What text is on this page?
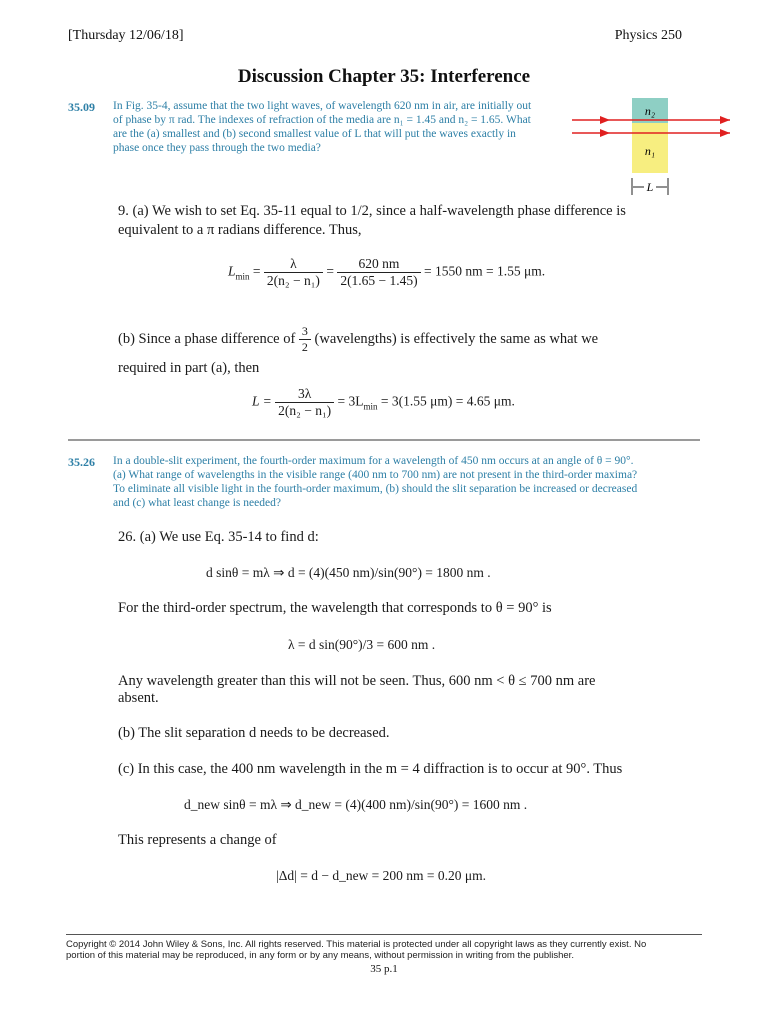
[Thursday 12/06/18]	Physics 250
Discussion Chapter 35: Interference
35.09 In Fig. 35-4, assume that the two light waves, of wavelength 620 nm in air, are initially out
of phase by π rad. The indexes of refraction of the media are n₁ = 1.45 and n₂ = 1.65. What
are the (a) smallest and (b) second smallest value of L that will put the waves exactly in
phase once they pass through the two media?
n₂
n₁
L
9. (a) We wish to set Eq. 35-11 equal to 1/2, since a half-wavelength phase difference is
equivalent to a π radians difference. Thus,
$L_{min} = \frac{\lambda}{\text{2(n₂ − n₁)}} = \frac{620 nm}{2(1.65 - 1.45)} = 1550$ nm = 1.55 μm.
(b) Since a phase difference of $\frac{3}{2}$ (wavelengths) is effectively the same as what we
required in part (a), then
$L = \frac{3\lambda}{\text{2(n₂ − n₁)}} = 3L_{min} = 3(1.55$ μm) = 4.65 μm.
35.26 In a double-slit experiment, the fourth-order maximum for a wavelength of 450 nm occurs at an angle of θ = 90°.
(a) What range of wavelengths in the visible range (400 nm to 700 nm) are not present in the third-order maxima?
To eliminate all visible light in the fourth-order maximum, (b) should the slit separation be increased or decreased
and (c) what least change is needed?
26. (a) We use Eq. 35-14 to find d:
d sinθ = mλ ⇒ d = (4)(450 nm)/sin(90°) = 1800 nm .
For the third-order spectrum, the wavelength that corresponds to θ = 90° is
λ = d sin(90°)/3 = 600 nm .
Any wavelength greater than this will not be seen. Thus, 600 nm < θ ≤ 700 nm are
absent.
(b) The slit separation d needs to be decreased.
(c) In this case, the 400 nm wavelength in the m = 4 diffraction is to occur at 90°. Thus
d_new sinθ = mλ ⇒ d_new = (4)(400 nm)/sin(90°) = 1600 nm .
This represents a change of
|Δd| = d − d_new = 200 nm = 0.20 μm.
Copyright © 2014 John Wiley & Sons, Inc. All rights reserved. This material is protected under all copyright laws as they currently exist. No
portion of this material may be reproduced, in any form or by any means, without permission in writing from the publisher.
35 p.1
